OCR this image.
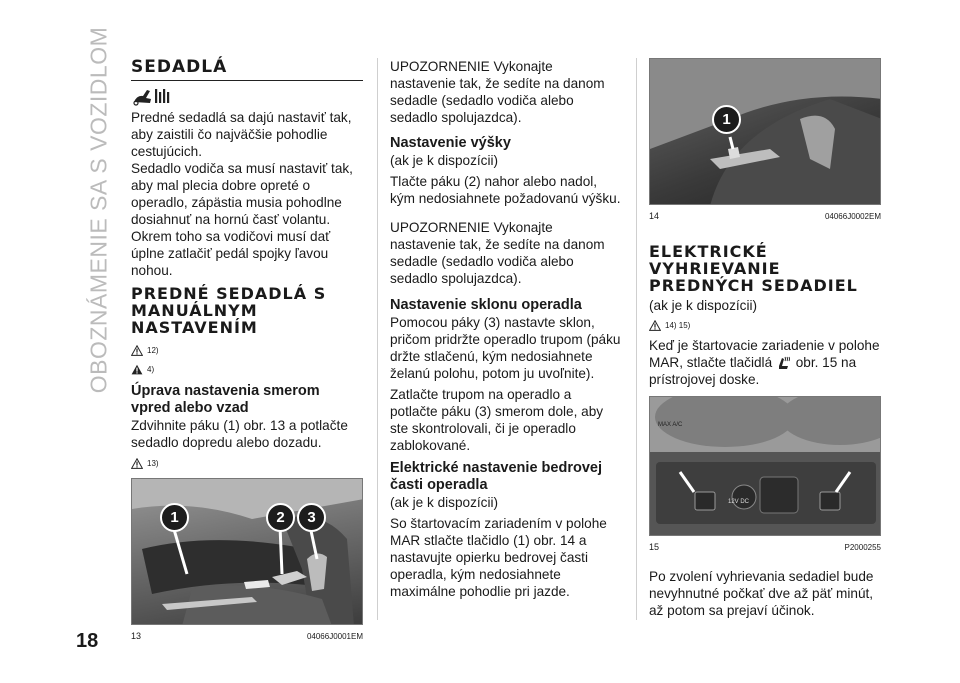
OBOZNÁMENIE SA S VOZIDLOM
18
SEDADLÁ

Predné sedadlá sa dajú nastaviť tak, aby zaistili čo najväčšie pohodlie cestujúcich.

Sedadlo vodiča sa musí nastaviť tak, aby mal plecia dobre opreté o operadlo, zápästia musia pohodlne dosiahnuť na hornú časť volantu. Okrem toho sa vodičovi musí dať úplne zatlačiť pedál spojky ľavou nohou.

PREDNÉ SEDADLÁ S MANUÁLNYM NASTAVENÍM
12)
4)
Úprava nastavenia smerom vpred alebo vzad

Zdvihnite páku (1) obr. 13 a potlačte sedadlo dopredu alebo dozadu.

13)
1	2	3
13	04066J0001EM

UPOZORNENIE Vykonajte nastavenie tak, že sedíte na danom sedadle (sedadlo vodiča alebo sedadlo spolujazdca).

Nastavenie výšky

(ak je k dispozícii)

Tlačte páku (2) nahor alebo nadol, kým nedosiahnete požadovanú výšku.

UPOZORNENIE Vykonajte nastavenie tak, že sedíte na danom sedadle (sedadlo vodiča alebo sedadlo spolujazdca).

Nastavenie sklonu operadla

Pomocou páky (3) nastavte sklon, pričom pridržte operadlo trupom (páku držte stlačenú, kým nedosiahnete želanú polohu, potom ju uvoľnite).

Zatlačte trupom na operadlo a potlačte páku (3) smerom dole, aby ste skontrolovali, či je operadlo zablokované.

Elektrické nastavenie bedrovej časti operadla

(ak je k dispozícii)

So štartovacím zariadením v polohe MAR stlačte tlačidlo (1) obr. 14 a nastavujte opierku bedrovej časti operadla, kým nedosiahnete maximálne pohodlie pri jazde.

1
14	04066J0002EM
ELEKTRICKÉ VYHRIEVANIE PREDNÝCH SEDADIEL

(ak je k dispozícii)

14) 15)

Keď je štartovacie zariadenie v polohe MAR, stlačte tlačidlá obr. 15 na prístrojovej doske.

MAX A/C
12V DC
15	P2000255

Po zvolení vyhrievania sedadiel bude nevyhnutné počkať dve až päť minút, až potom sa prejaví účinok.
